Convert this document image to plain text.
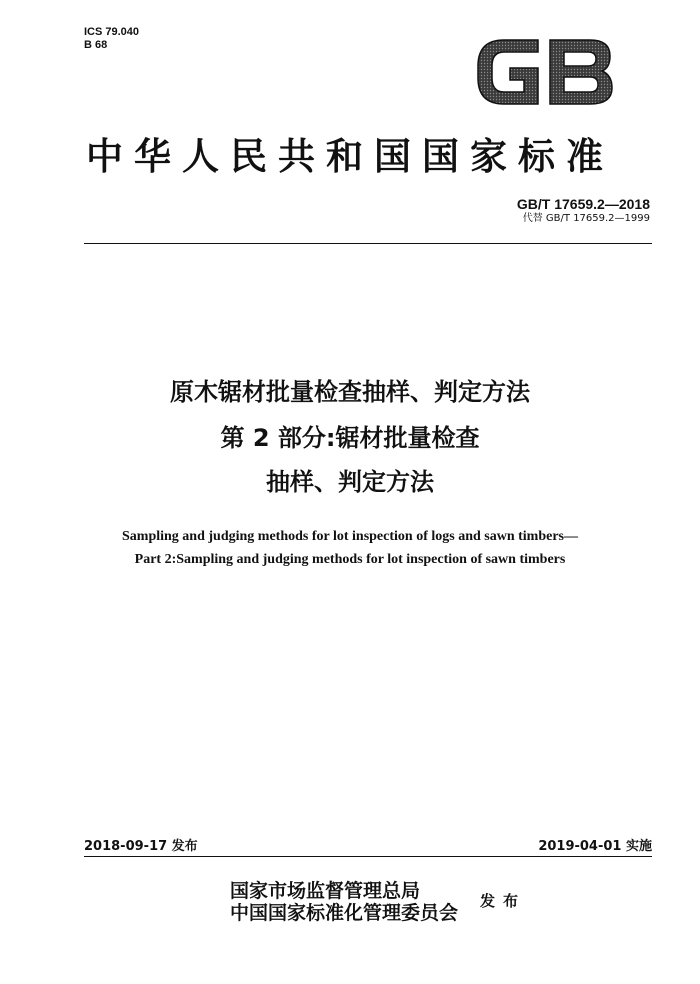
ICS 79.040
B 68
GB
中华人民共和国国家标准
GB/T 17659.2—2018
代替 GB/T 17659.2—1999
原木锯材批量检查抽样、判定方法
第 2 部分:锯材批量检查
抽样、判定方法
Sampling and judging methods for lot inspection of logs and sawn timbers—
Part 2:Sampling and judging methods for lot inspection of sawn timbers
2018-09-17 发布	2019-04-01 实施
国家市场监督管理总局
中国国家标准化管理委员会
发布
